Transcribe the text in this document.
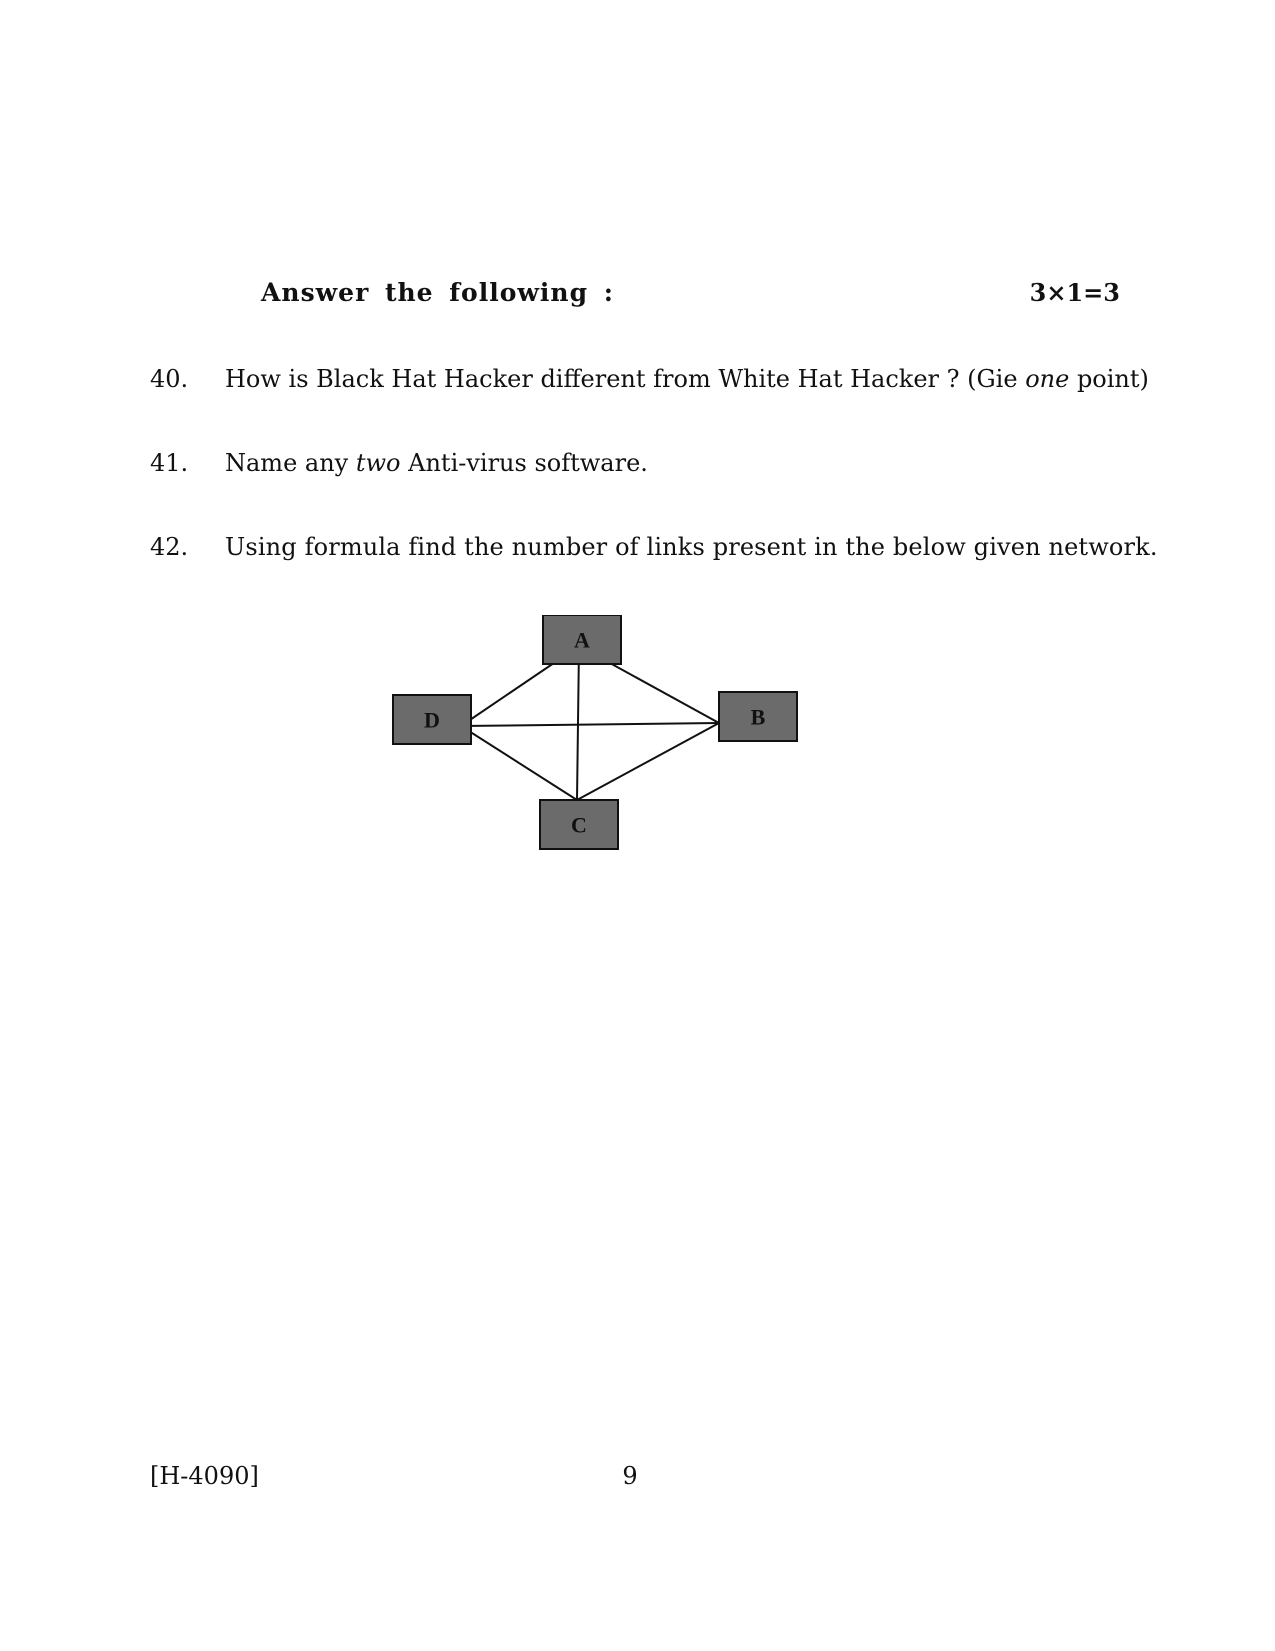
Answer the following :	3×1=3
40. How is Black Hat Hacker different from White Hat Hacker ? (Gie one point)
41. Name any two Anti-virus software.
42. Using formula find the number of links present in the below given network.
A
B
C
D
[H-4090]	9
